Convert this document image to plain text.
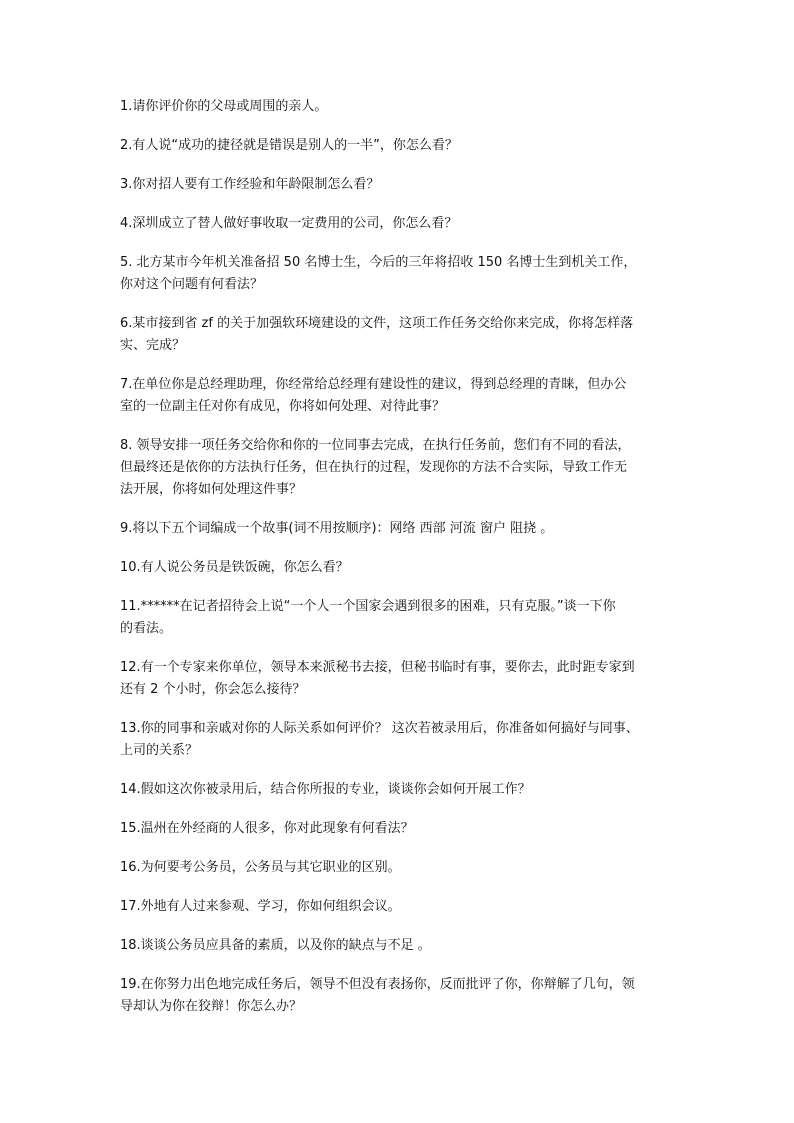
1.请你评价你的父母或周围的亲人。
2.有人说“成功的捷径就是错误是别人的一半”，你怎么看？
3.你对招人要有工作经验和年龄限制怎么看？
4.深圳成立了替人做好事收取一定费用的公司，你怎么看？
5. 北方某市今年机关准备招 50 名博士生，今后的三年将招收 150 名博士生到机关工作，
你对这个问题有何看法？
6.某市接到省 zf 的关于加强软环境建设的文件，这项工作任务交给你来完成，你将怎样落
实、完成？
7.在单位你是总经理助理，你经常给总经理有建设性的建议，得到总经理的青睐，但办公
室的一位副主任对你有成见，你将如何处理、对待此事？
8. 领导安排一项任务交给你和你的一位同事去完成，在执行任务前，您们有不同的看法，
但最终还是依你的方法执行任务，但在执行的过程，发现你的方法不合实际，导致工作无
法开展，你将如何处理这件事？
9.将以下五个词编成一个故事(词不用按顺序)：网络 西部 河流 窗户 阻挠 。
10.有人说公务员是铁饭碗，你怎么看？
11.******在记者招待会上说“一个人一个国家会遇到很多的困难，只有克服。”谈一下你
的看法。
12.有一个专家来你单位，领导本来派秘书去接，但秘书临时有事，要你去，此时距专家到
还有 2 个小时，你会怎么接待？
13.你的同事和亲戚对你的人际关系如何评价？ 这次若被录用后，你准备如何搞好与同事、
上司的关系？
14.假如这次你被录用后，结合你所报的专业，谈谈你会如何开展工作？
15.温州在外经商的人很多，你对此现象有何看法？
16.为何要考公务员，公务员与其它职业的区别。
17.外地有人过来参观、学习，你如何组织会议。
18.谈谈公务员应具备的素质，以及你的缺点与不足 。
19.在你努力出色地完成任务后，领导不但没有表扬你，反而批评了你，你辩解了几句，领
导却认为你在狡辩！你怎么办？
